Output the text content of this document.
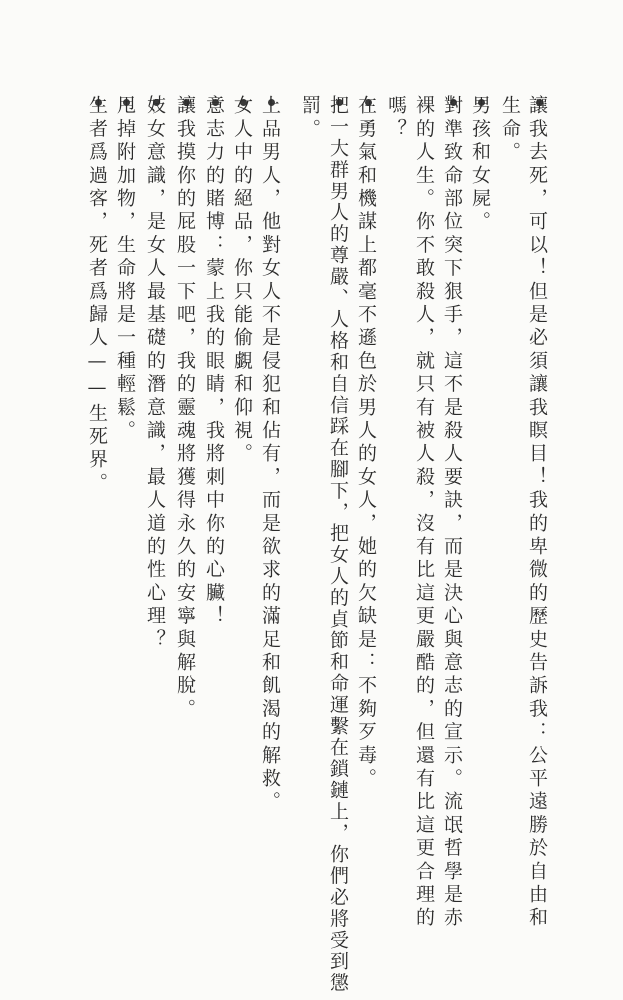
讓我去死，可以！但是必須讓我瞑目！我的卑微的歷史告訴我：公平遠勝於自由和
生命。
男孩和女屍。
對準致命部位突下狠手，這不是殺人要訣，而是決心與意志的宣示。流氓哲學是赤
裸的人生。你不敢殺人，就只有被人殺，沒有比這更嚴酷的，但還有比這更合理的
嗎？
在勇氣和機謀上都毫不遜色於男人的女人，她的欠缺是：不夠歹毒。
把一大群男人的尊嚴、人格和自信踩在腳下，把女人的貞節和命運繫在鎖鏈上，你們必將受到懲
罰。
上品男人，他對女人不是侵犯和佔有，而是欲求的滿足和飢渴的解救。
女人中的絕品，你只能偷覷和仰視。
意志力的賭博：蒙上我的眼睛，我將刺中你的心臟！
讓我摸你的屁股一下吧，我的靈魂將獲得永久的安寧與解脫。
妓女意識，是女人最基礎的潛意識，最人道的性心理？
甩掉附加物，生命將是一種輕鬆。
生者爲過客，死者爲歸人——生死界。
